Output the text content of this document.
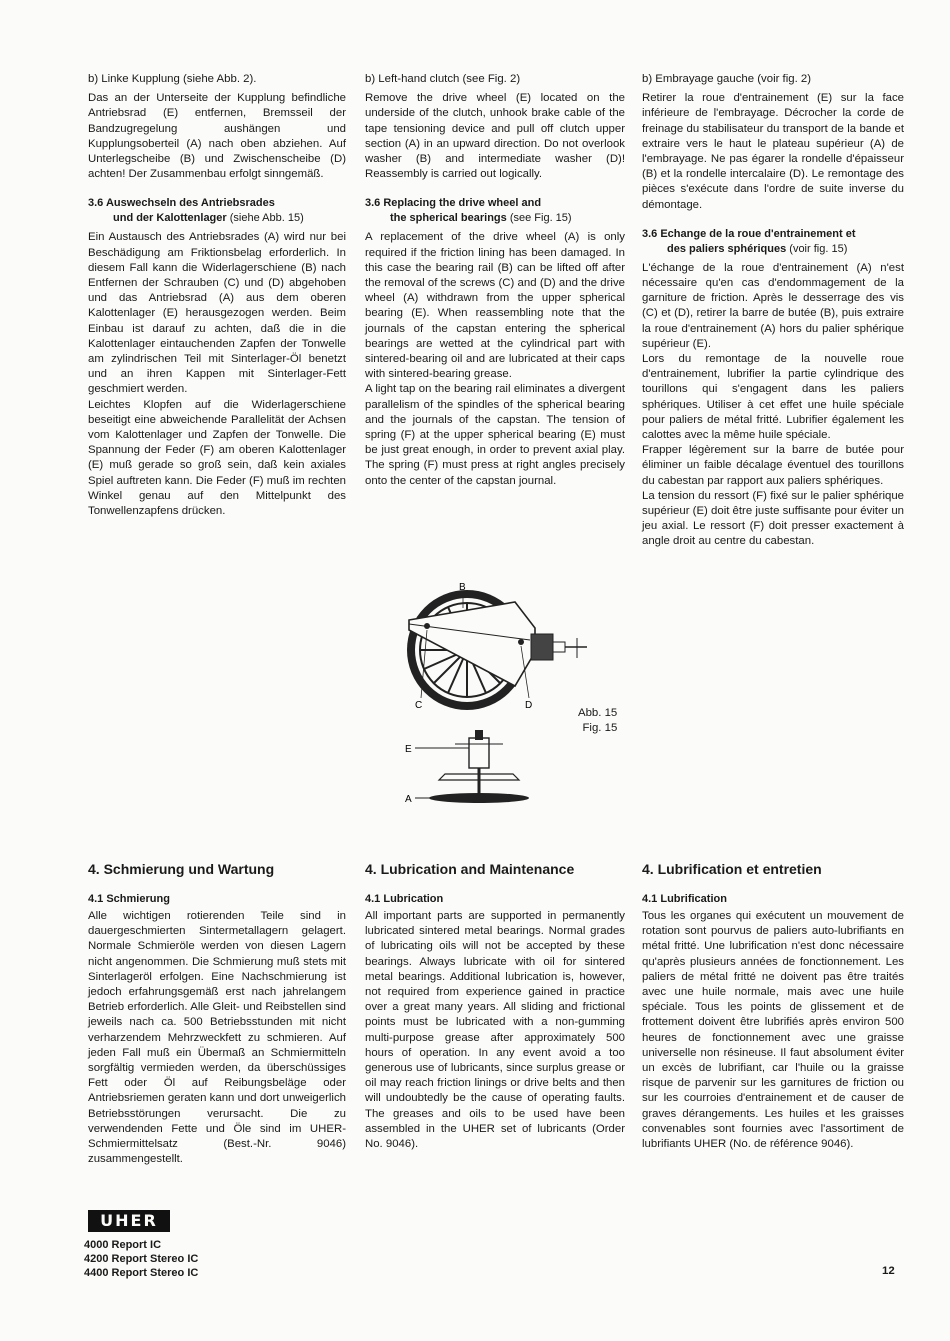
b) Linke Kupplung (siehe Abb. 2).

Das an der Unterseite der Kupplung befindliche Antriebsrad (E) entfernen, Bremsseil der Bandzugregelung aushängen und Kupplungsoberteil (A) nach oben abziehen. Auf Unterlegscheibe (B) und Zwischenscheibe (D) achten! Der Zusammenbau erfolgt sinngemäß.

3.6 Auswechseln des Antriebsrades
und der Kalottenlager (siehe Abb. 15)

Ein Austausch des Antriebsrades (A) wird nur bei Beschädigung am Friktionsbelag erforderlich. In diesem Fall kann die Widerlagerschiene (B) nach Entfernen der Schrauben (C) und (D) abgehoben und das Antriebsrad (A) aus dem oberen Kalottenlager (E) herausgezogen werden. Beim Einbau ist darauf zu achten, daß die in die Kalottenlager eintauchenden Zapfen der Tonwelle am zylindrischen Teil mit Sinterlager-Öl benetzt und an ihren Kappen mit Sinterlager-Fett geschmiert werden.

Leichtes Klopfen auf die Widerlagerschiene beseitigt eine abweichende Parallelität der Achsen vom Kalottenlager und Zapfen der Tonwelle. Die Spannung der Feder (F) am oberen Kalottenlager (E) muß gerade so groß sein, daß kein axiales Spiel auftreten kann. Die Feder (F) muß im rechten Winkel genau auf den Mittelpunkt des Tonwellenzapfens drücken.

b) Left-hand clutch (see Fig. 2)

Remove the drive wheel (E) located on the underside of the clutch, unhook brake cable of the tape tensioning device and pull off clutch upper section (A) in an upward direction. Do not overlook washer (B) and intermediate washer (D)! Reassembly is carried out logically.

3.6 Replacing the drive wheel and
the spherical bearings (see Fig. 15)

A replacement of the drive wheel (A) is only required if the friction lining has been damaged. In this case the bearing rail (B) can be lifted off after the removal of the screws (C) and (D) and the drive wheel (A) withdrawn from the upper spherical bearing (E). When reassembling note that the journals of the capstan entering the spherical bearings are wetted at the cylindrical part with sintered-bearing oil and are lubricated at their caps with sintered-bearing grease.

A light tap on the bearing rail eliminates a divergent parallelism of the spindles of the spherical bearing and the journals of the capstan. The tension of spring (F) at the upper spherical bearing (E) must be just great enough, in order to prevent axial play. The spring (F) must press at right angles precisely onto the center of the capstan journal.

b) Embrayage gauche (voir fig. 2)

Retirer la roue d'entrainement (E) sur la face inférieure de l'embrayage. Décrocher la corde de freinage du stabilisateur du transport de la bande et extraire vers le haut le plateau supérieur (A) de l'embrayage. Ne pas égarer la rondelle d'épaisseur (B) et la rondelle intercalaire (D). Le remontage des pièces s'exécute dans l'ordre de suite inverse du démontage.

3.6 Echange de la roue d'entrainement et
des paliers sphériques (voir fig. 15)

L'échange de la roue d'entrainement (A) n'est nécessaire qu'en cas d'endommagement de la garniture de friction. Après le desserrage des vis (C) et (D), retirer la barre de butée (B), puis extraire la roue d'entrainement (A) hors du palier sphérique supérieur (E).

Lors du remontage de la nouvelle roue d'entrainement, lubrifier la partie cylindrique des tourillons qui s'engagent dans les paliers sphériques. Utiliser à cet effet une huile spéciale pour paliers de métal fritté. Lubrifier également les calottes avec la même huile spéciale.

Frapper légèrement sur la barre de butée pour éliminer un faible décalage éventuel des tourillons du cabestan par rapport aux paliers sphériques.

La tension du ressort (F) fixé sur le palier sphérique supérieur (E) doit être juste suffisante pour éviter un jeu axial. Le ressort (F) doit presser exactement à angle droit au centre du cabestan.

B
C	D
E
A
Abb. 15
Fig. 15
4. Schmierung und Wartung
4.1 Schmierung

Alle wichtigen rotierenden Teile sind in dauergeschmierten Sintermetallagern gelagert. Normale Schmieröle werden von diesen Lagern nicht angenommen. Die Schmierung muß stets mit Sinterlageröl erfolgen. Eine Nachschmierung ist jedoch erfahrungsgemäß erst nach jahrelangem Betrieb erforderlich. Alle Gleit- und Reibstellen sind jeweils nach ca. 500 Betriebsstunden mit nicht verharzendem Mehrzweckfett zu schmieren. Auf jeden Fall muß ein Übermaß an Schmiermitteln sorgfältig vermieden werden, da überschüssiges Fett oder Öl auf Reibungsbeläge oder Antriebsriemen geraten kann und dort unweigerlich Betriebsstörungen verursacht. Die zu verwendenden Fette und Öle sind im UHER-Schmiermittelsatz (Best.-Nr. 9046) zusammengestellt.

4. Lubrication and Maintenance
4.1 Lubrication

All important parts are supported in permanently lubricated sintered metal bearings. Normal grades of lubricating oils will not be accepted by these bearings. Always lubricate with oil for sintered metal bearings. Additional lubrication is, however, not required from experience gained in practice over a great many years. All sliding and frictional points must be lubricated with a non-gumming multi-purpose grease after approximately 500 hours of operation. In any event avoid a too generous use of lubricants, since surplus grease or oil may reach friction linings or drive belts and then will undoubtedly be the cause of operating faults. The greases and oils to be used have been assembled in the UHER set of lubricants (Order No. 9046).

4. Lubrification et entretien
4.1 Lubrification

Tous les organes qui exécutent un mouvement de rotation sont pourvus de paliers auto-lubrifiants en métal fritté. Une lubrification n'est donc nécessaire qu'après plusieurs années de fonctionnement. Les paliers de métal fritté ne doivent pas être traités avec une huile normale, mais avec une huile spéciale. Tous les points de glissement et de frottement doivent être lubrifiés après environ 500 heures de fonctionnement avec une graisse universelle non résineuse. Il faut absolument éviter un excès de lubrifiant, car l'huile ou la graisse risque de parvenir sur les garnitures de friction ou sur les courroies d'entrainement et de causer de graves dérangements. Les huiles et les graisses convenables sont fournies avec l'assortiment de lubrifiants UHER (No. de référence 9046).

UHER
4000 Report IC
4200 Report Stereo IC
4400 Report Stereo IC	12
